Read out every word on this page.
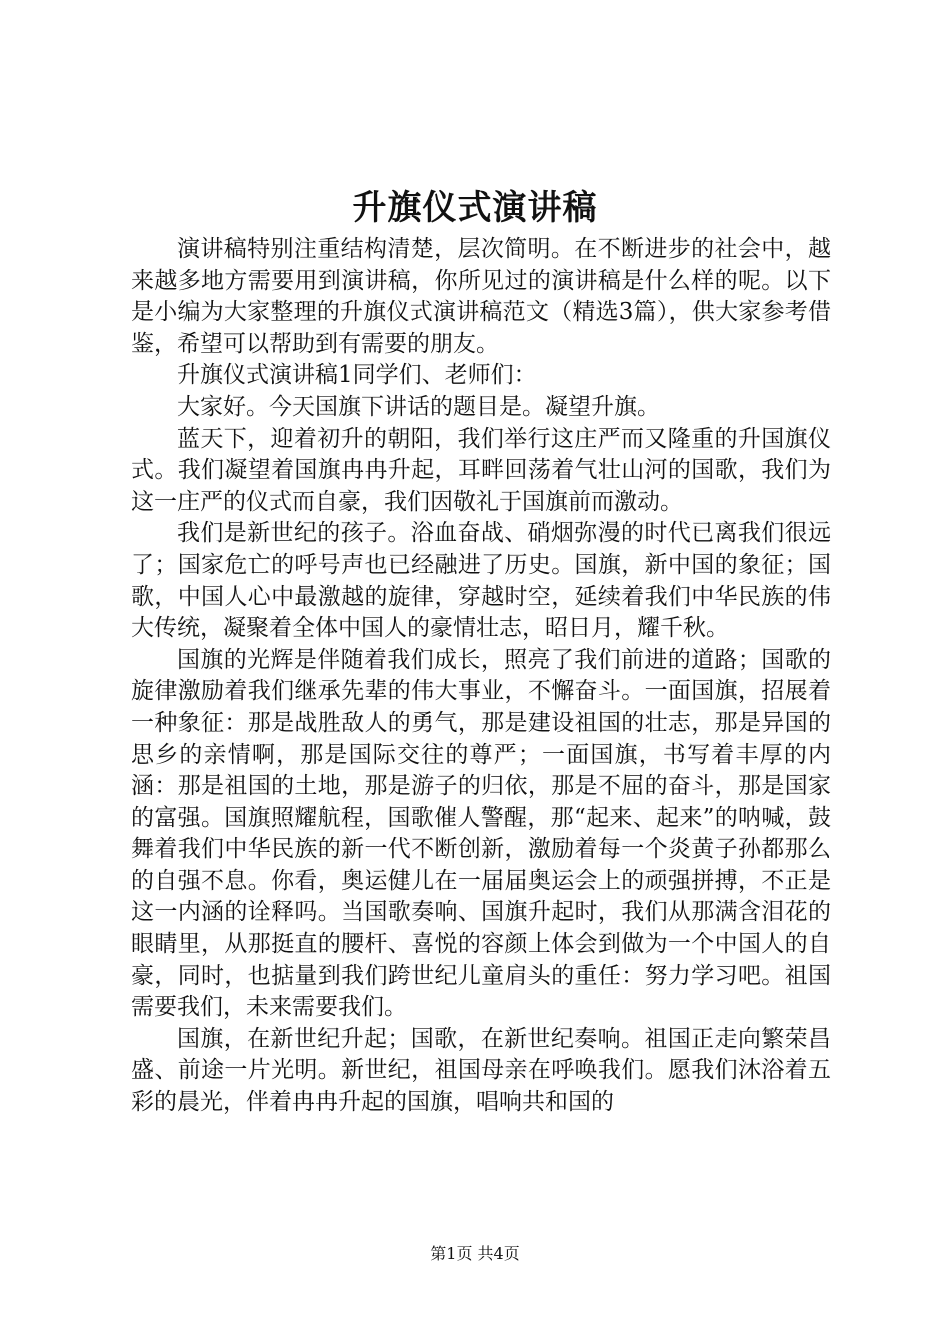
升旗仪式演讲稿

演讲稿特别注重结构清楚，层次简明。在不断进步的社会中，越来越多地方需要用到演讲稿，你所见过的演讲稿是什么样的呢。以下是小编为大家整理的升旗仪式演讲稿范文（精选3篇），供大家参考借鉴，希望可以帮助到有需要的朋友。

升旗仪式演讲稿1同学们、老师们：

大家好。今天国旗下讲话的题目是。凝望升旗。

蓝天下，迎着初升的朝阳，我们举行这庄严而又隆重的升国旗仪式。我们凝望着国旗冉冉升起，耳畔回荡着气壮山河的国歌，我们为这一庄严的仪式而自豪，我们因敬礼于国旗前而激动。

我们是新世纪的孩子。浴血奋战、硝烟弥漫的时代已离我们很远了；国家危亡的呼号声也已经融进了历史。国旗，新中国的象征；国歌，中国人心中最激越的旋律，穿越时空，延续着我们中华民族的伟大传统，凝聚着全体中国人的豪情壮志，昭日月，耀千秋。

国旗的光辉是伴随着我们成长，照亮了我们前进的道路；国歌的旋律激励着我们继承先辈的伟大事业，不懈奋斗。一面国旗，招展着一种象征：那是战胜敌人的勇气，那是建设祖国的壮志，那是异国的思乡的亲情啊，那是国际交往的尊严；一面国旗，书写着丰厚的内涵：那是祖国的土地，那是游子的归依，那是不屈的奋斗，那是国家的富强。国旗照耀航程，国歌催人警醒，那“起来、起来”的呐喊，鼓舞着我们中华民族的新一代不断创新，激励着每一个炎黄子孙都那么的自强不息。你看，奥运健儿在一届届奥运会上的顽强拼搏，不正是这一内涵的诠释吗。当国歌奏响、国旗升起时，我们从那满含泪花的眼睛里，从那挺直的腰杆、喜悦的容颜上体会到做为一个中国人的自豪，同时，也掂量到我们跨世纪儿童肩头的重任：努力学习吧。祖国需要我们，未来需要我们。

国旗，在新世纪升起；国歌，在新世纪奏响。祖国正走向繁荣昌盛、前途一片光明。新世纪，祖国母亲在呼唤我们。愿我们沐浴着五彩的晨光，伴着冉冉升起的国旗，唱响共和国的

第1页 共4页
